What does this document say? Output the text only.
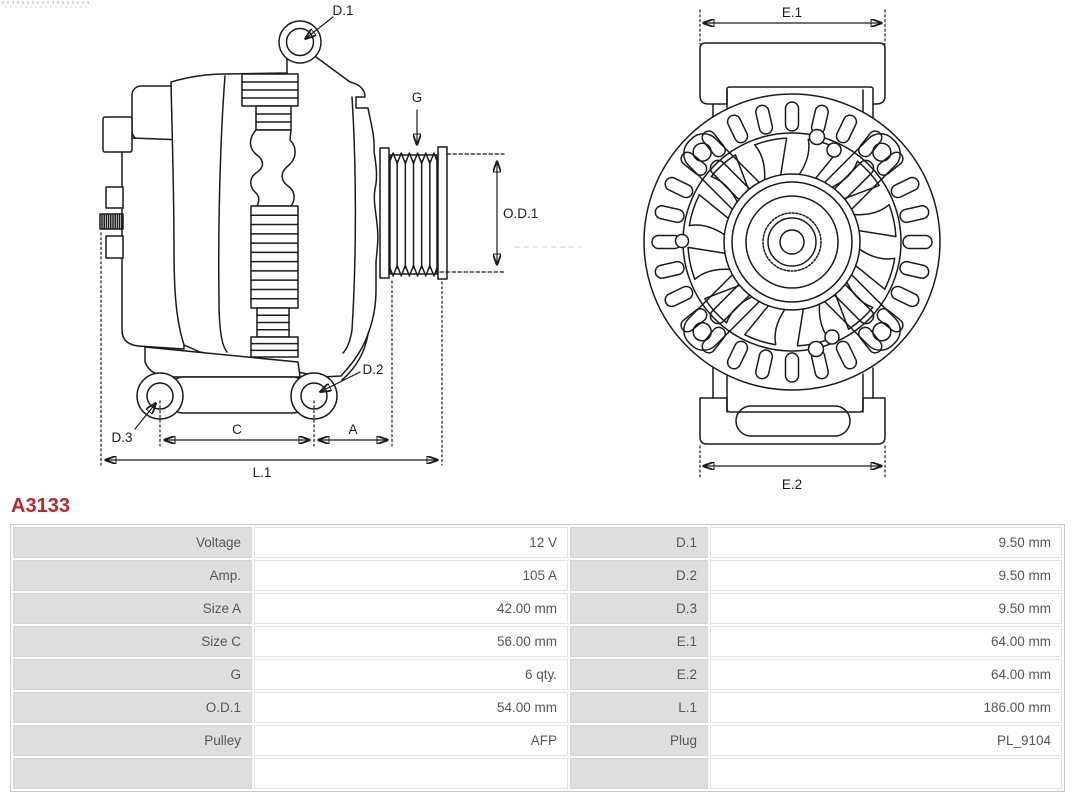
D.1
G
O.D.1
D.3
D.2
C	A
L.1
E.1
E.2
A3133
Voltage	12 V	D.1	9.50 mm
Amp.	105 A	D.2	9.50 mm
Size A	42.00 mm	D.3	9.50 mm
Size C	56.00 mm	E.1	64.00 mm
G	6 qty.	E.2	64.00 mm
O.D.1	54.00 mm	L.1	186.00 mm
Pulley	AFP	Plug	PL_9104
